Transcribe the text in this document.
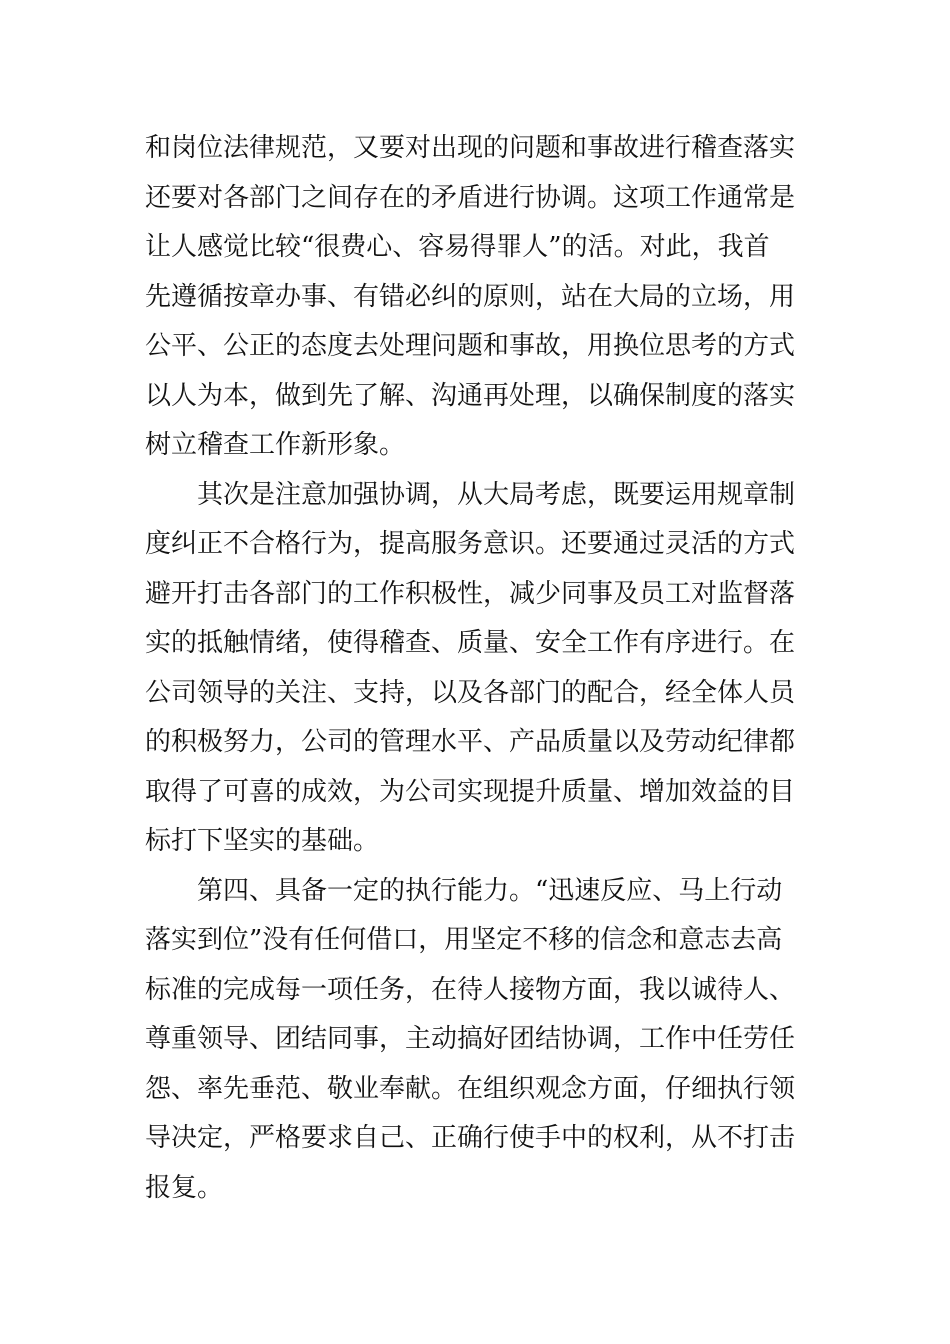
和岗位法律规范，又要对出现的问题和事故进行稽查落实
还要对各部门之间存在的矛盾进行协调。这项工作通常是
让人感觉比较“很费心、容易得罪人”的活。对此，我首
先遵循按章办事、有错必纠的原则，站在大局的立场，用
公平、公正的态度去处理问题和事故，用换位思考的方式
以人为本，做到先了解、沟通再处理，以确保制度的落实
树立稽查工作新形象。
其次是注意加强协调，从大局考虑，既要运用规章制
度纠正不合格行为，提高服务意识。还要通过灵活的方式
避开打击各部门的工作积极性，减少同事及员工对监督落
实的抵触情绪，使得稽查、质量、安全工作有序进行。在
公司领导的关注、支持，以及各部门的配合，经全体人员
的积极努力，公司的管理水平、产品质量以及劳动纪律都
取得了可喜的成效，为公司实现提升质量、增加效益的目
标打下坚实的基础。
第四、具备一定的执行能力。“迅速反应、马上行动
落实到位”没有任何借口，用坚定不移的信念和意志去高
标准的完成每一项任务，在待人接物方面，我以诚待人、
尊重领导、团结同事，主动搞好团结协调，工作中任劳任
怨、率先垂范、敬业奉献。在组织观念方面，仔细执行领
导决定，严格要求自己、正确行使手中的权利，从不打击
报复。
